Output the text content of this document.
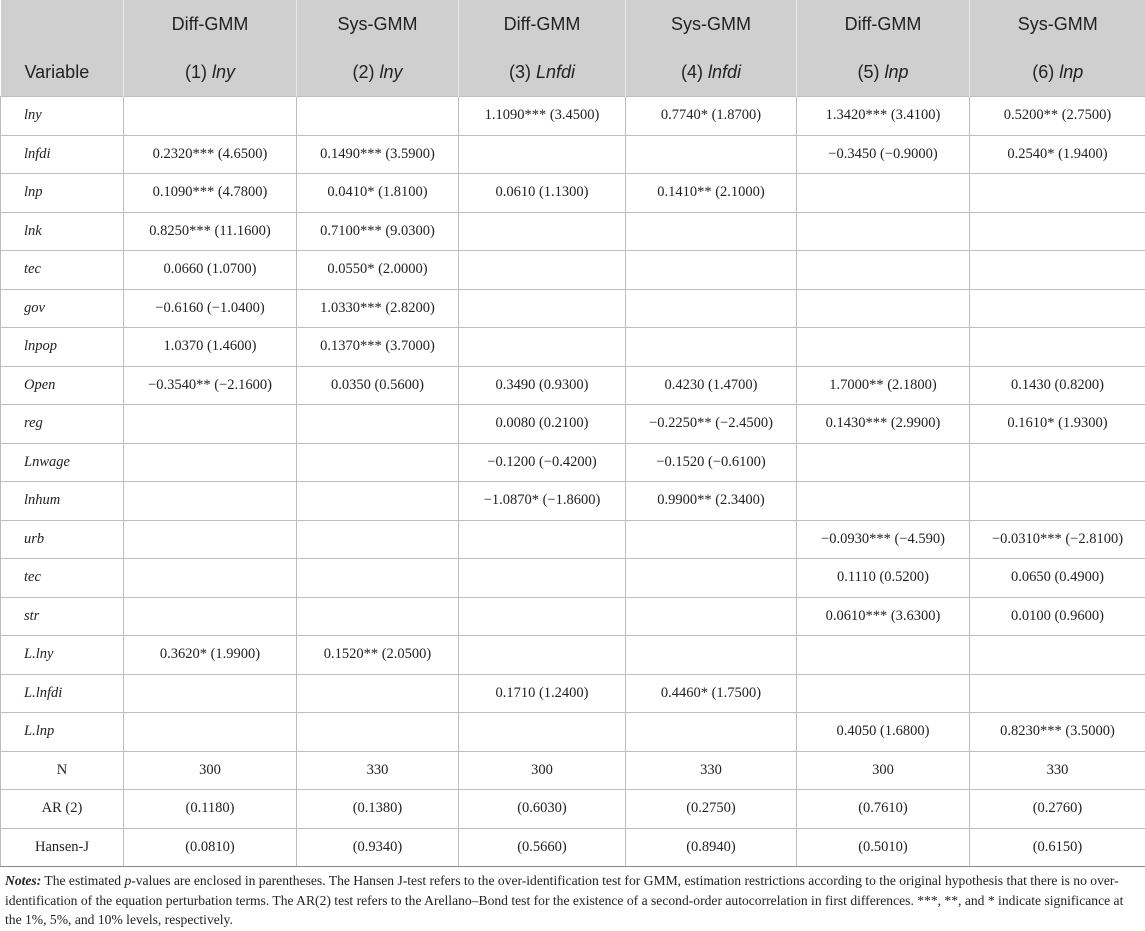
	Diff-GMM	Sys-GMM	Diff-GMM	Sys-GMM	Diff-GMM	Sys-GMM
Variable	(1) lny	(2) lny	(3) Lnfdi	(4) lnfdi	(5) lnp	(6) lnp
lny			1.1090*** (3.4500)	0.7740* (1.8700)	1.3420*** (3.4100)	0.5200** (2.7500)
lnfdi	0.2320*** (4.6500)	0.1490*** (3.5900)			−0.3450 (−0.9000)	0.2540* (1.9400)
lnp	0.1090*** (4.7800)	0.0410* (1.8100)	0.0610 (1.1300)	0.1410** (2.1000)		
lnk	0.8250*** (11.1600)	0.7100*** (9.0300)				
tec	0.0660 (1.0700)	0.0550* (2.0000)				
gov	−0.6160 (−1.0400)	1.0330*** (2.8200)				
lnpop	1.0370 (1.4600)	0.1370*** (3.7000)				
Open	−0.3540** (−2.1600)	0.0350 (0.5600)	0.3490 (0.9300)	0.4230 (1.4700)	1.7000** (2.1800)	0.1430 (0.8200)
reg			0.0080 (0.2100)	−0.2250** (−2.4500)	0.1430*** (2.9900)	0.1610* (1.9300)
Lnwage			−0.1200 (−0.4200)	−0.1520 (−0.6100)		
lnhum			−1.0870* (−1.8600)	0.9900** (2.3400)		
urb					−0.0930*** (−4.590)	−0.0310*** (−2.8100)
tec					0.1110 (0.5200)	0.0650 (0.4900)
str					0.0610*** (3.6300)	0.0100 (0.9600)
L.lny	0.3620* (1.9900)	0.1520** (2.0500)				
L.lnfdi			0.1710 (1.2400)	0.4460* (1.7500)		
L.lnp					0.4050 (1.6800)	0.8230*** (3.5000)
N	300	330	300	330	300	330
AR (2)	(0.1180)	(0.1380)	(0.6030)	(0.2750)	(0.7610)	(0.2760)
Hansen-J	(0.0810)	(0.9340)	(0.5660)	(0.8940)	(0.5010)	(0.6150)
Notes: The estimated p-values are enclosed in parentheses. The Hansen J-test refers to the over-identification test for GMM, estimation restrictions according to the original hypothesis that there is no over-identification of the equation perturbation terms. The AR(2) test refers to the Arellano–Bond test for the existence of a second-order autocorrelation in first differences. ***, **, and * indicate significance at the 1%, 5%, and 10% levels, respectively.
